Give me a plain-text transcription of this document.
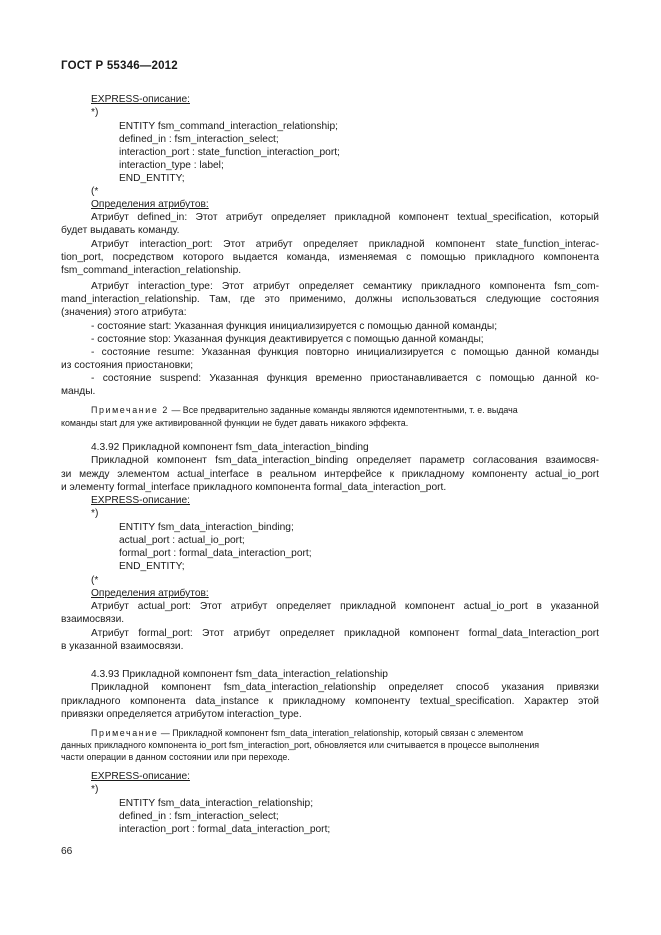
ГОСТ Р 55346—2012
EXPRESS-описание:
*)
ENTITY fsm_command_interaction_relationship;
defined_in : fsm_interaction_select;
interaction_port : state_function_interaction_port;
interaction_type : label;
END_ENTITY;
(*
Определения атрибутов:
Атрибут defined_in: Этот атрибут определяет прикладной компонент textual_specification, который
будет выдавать команду.
Атрибут interaction_port: Этот атрибут определяет прикладной компонент state_function_interac-
tion_port, посредством которого выдается команда, изменяемая с помощью прикладного компонента
fsm_command_interaction_relationship.
Атрибут interaction_type: Этот атрибут определяет семантику прикладного компонента fsm_com-
mand_interaction_relationship. Там, где это применимо, должны использоваться следующие состояния
(значения) этого атрибута:
- состояние start: Указанная функция инициализируется с помощью данной команды;
- состояние stop: Указанная функция деактивируется с помощью данной команды;
- состояние resume: Указанная функция повторно инициализируется с помощью данной команды
из состояния приостановки;
- состояние suspend: Указанная функция временно приостанавливается с помощью данной ко-
манды.
Примечание 2 — Все предварительно заданные команды являются идемпотентными, т. е. выдача
команды start для уже активированной функции не будет давать никакого эффекта.
4.3.92 Прикладной компонент fsm_data_interaction_binding
Прикладной компонент fsm_data_interaction_binding определяет параметр согласования взаимосвя-
зи между элементом actual_interface в реальном интерфейсе к прикладному компоненту actual_io_port
и элементу formal_interface прикладного компонента formal_data_interaction_port.
EXPRESS-описание:
*)
ENTITY fsm_data_interaction_binding;
actual_port : actual_io_port;
formal_port : formal_data_interaction_port;
END_ENTITY;
(*
Определения атрибутов:
Атрибут actual_port: Этот атрибут определяет прикладной компонент actual_io_port в указанной
взаимосвязи.
Атрибут formal_port: Этот атрибут определяет прикладной компонент formal_data_Interaction_port
в указанной взаимосвязи.
4.3.93 Прикладной компонент fsm_data_interaction_relationship
Прикладной компонент fsm_data_interaction_relationship определяет способ указания привязки
прикладного компонента data_instance к прикладному компоненту textual_specification. Характер этой
привязки определяется атрибутом interaction_type.
Примечание — Прикладной компонент fsm_data_interation_relationship, который связан с элементом
данных прикладного компонента io_port fsm_interaction_port, обновляется или считывается в процессе выполнения
части операции в данном состоянии или при переходе.
EXPRESS-описание:
*)
ENTITY fsm_data_interaction_relationship;
defined_in : fsm_interaction_select;
interaction_port : formal_data_interaction_port;
66
